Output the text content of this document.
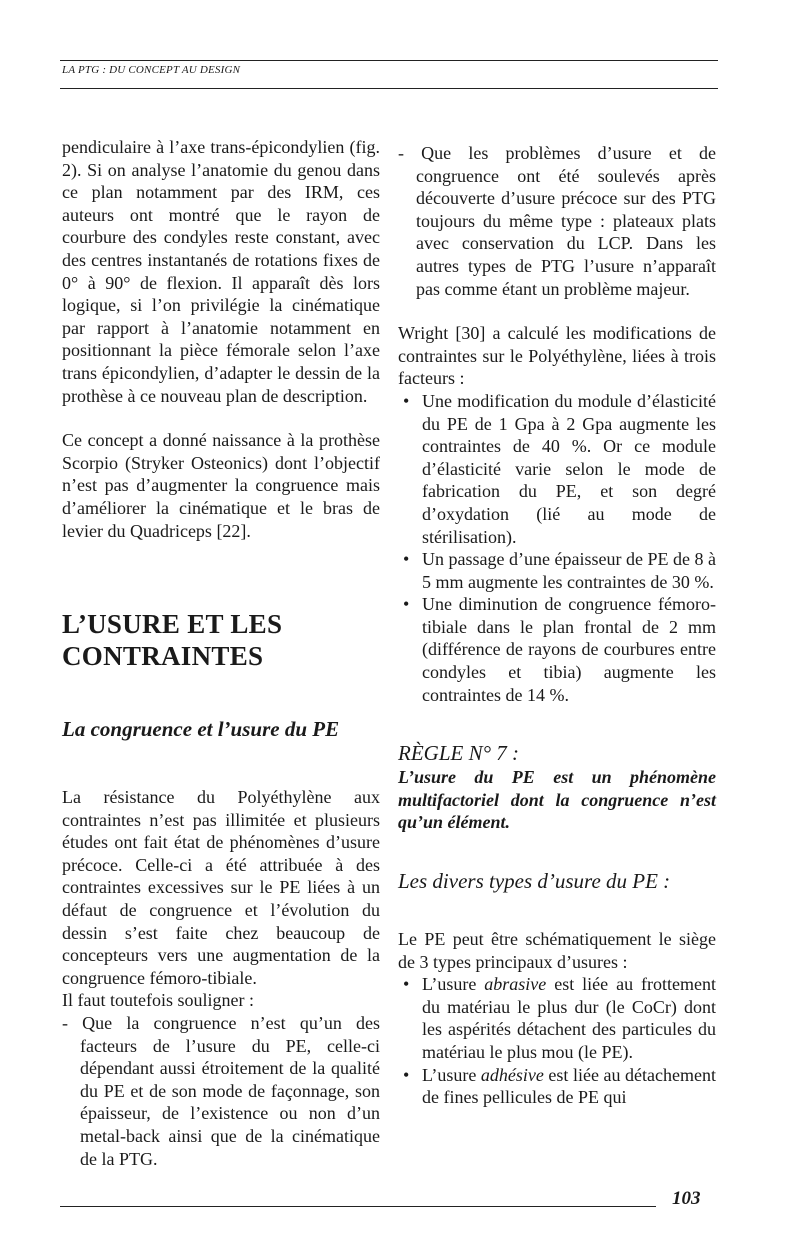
LA PTG : DU CONCEPT AU DESIGN

pendiculaire à l’axe trans-épicondylien (fig. 2). Si on analyse l’anatomie du genou dans ce plan notamment par des IRM, ces auteurs ont montré que le rayon de courbure des condyles reste constant, avec des centres instantanés de rotations fixes de 0° à 90° de flexion. Il apparaît dès lors logique, si l’on privilégie la cinématique par rapport à l’anatomie notamment en positionnant la pièce fémorale selon l’axe trans épicondylien, d’adapter le dessin de la prothèse à ce nouveau plan de description.

Ce concept a donné naissance à la prothèse Scorpio (Stryker Osteonics) dont l’objectif n’est pas d’augmenter la congruence mais d’améliorer la cinématique et le bras de levier du Quadriceps [22].

L’USURE ET LES CONTRAINTES
La congruence et l’usure du PE

La résistance du Polyéthylène aux contraintes n’est pas illimitée et plusieurs études ont fait état de phénomènes d’usure précoce. Celle-ci a été attribuée à des contraintes excessives sur le PE liées à un défaut de congruence et l’évolution du dessin s’est faite chez beaucoup de concepteurs vers une augmentation de la congruence fémoro-tibiale.

Il faut toutefois souligner :

- Que la congruence n’est qu’un des facteurs de l’usure du PE, celle-ci dépendant aussi étroitement de la qualité du PE et de son mode de façonnage, son épaisseur, de l’existence ou non d’un metal-back ainsi que de la cinématique de la PTG.

- Que les problèmes d’usure et de congruence ont été soulevés après découverte d’usure précoce sur des PTG toujours du même type : plateaux plats avec conservation du LCP. Dans les autres types de PTG l’usure n’apparaît pas comme étant un problème majeur.

Wright [30] a calculé les modifications de contraintes sur le Polyéthylène, liées à trois facteurs :

• Une modification du module d’élasticité du PE de 1 Gpa à 2 Gpa augmente les contraintes de 40 %. Or ce module d’élasticité varie selon le mode de fabrication du PE, et son degré d’oxydation (lié au mode de stérilisation).
• Un passage d’une épaisseur de PE de 8 à 5 mm augmente les contraintes de 30 %.
• Une diminution de congruence fémoro-tibiale dans le plan frontal de 2 mm (différence de rayons de courbures entre condyles et tibia) augmente les contraintes de 14 %.

RÈGLE N° 7 :

L’usure du PE est un phénomène multifactoriel dont la congruence n’est qu’un élément.

Les divers types d’usure du PE :

Le PE peut être schématiquement le siège de 3 types principaux d’usures :

• L’usure abrasive est liée au frottement du matériau le plus dur (le CoCr) dont les aspérités détachent des particules du matériau le plus mou (le PE).
• L’usure adhésive est liée au détachement de fines pellicules de PE qui
103
